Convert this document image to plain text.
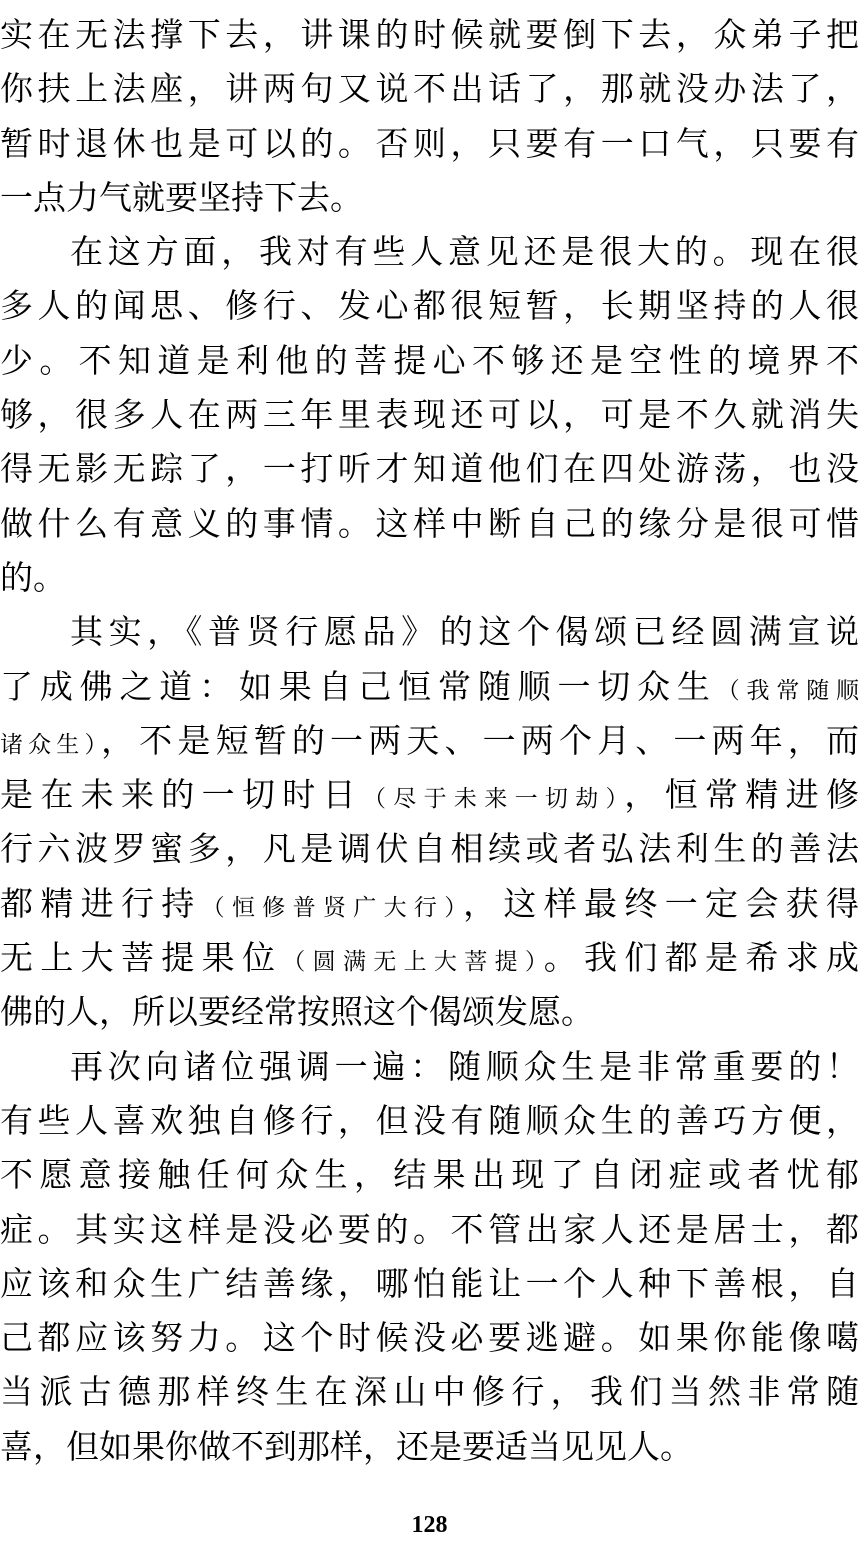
实在无法撑下去，讲课的时候就要倒下去，众弟子把
你扶上法座，讲两句又说不出话了，那就没办法了，
暂时退休也是可以的。否则，只要有一口气，只要有
一点力气就要坚持下去。
在这方面，我对有些人意见还是很大的。现在很
多人的闻思、修行、发心都很短暂，长期坚持的人很
少。不知道是利他的菩提心不够还是空性的境界不
够，很多人在两三年里表现还可以，可是不久就消失
得无影无踪了，一打听才知道他们在四处游荡，也没
做什么有意义的事情。这样中断自己的缘分是很可惜
的。
其实，《普贤行愿品》的这个偈颂已经圆满宣说
了成佛之道：如果自己恒常随顺一切众生（我常随顺
诸众生），不是短暂的一两天、一两个月、一两年，而
是在未来的一切时日（尽于未来一切劫），恒常精进修
行六波罗蜜多，凡是调伏自相续或者弘法利生的善法
都精进行持（恒修普贤广大行），这样最终一定会获得
无上大菩提果位（圆满无上大菩提）。我们都是希求成
佛的人，所以要经常按照这个偈颂发愿。
再次向诸位强调一遍：随顺众生是非常重要的！
有些人喜欢独自修行，但没有随顺众生的善巧方便，
不愿意接触任何众生，结果出现了自闭症或者忧郁
症。其实这样是没必要的。不管出家人还是居士，都
应该和众生广结善缘，哪怕能让一个人种下善根，自
己都应该努力。这个时候没必要逃避。如果你能像噶
当派古德那样终生在深山中修行，我们当然非常随
喜，但如果你做不到那样，还是要适当见见人。
128
